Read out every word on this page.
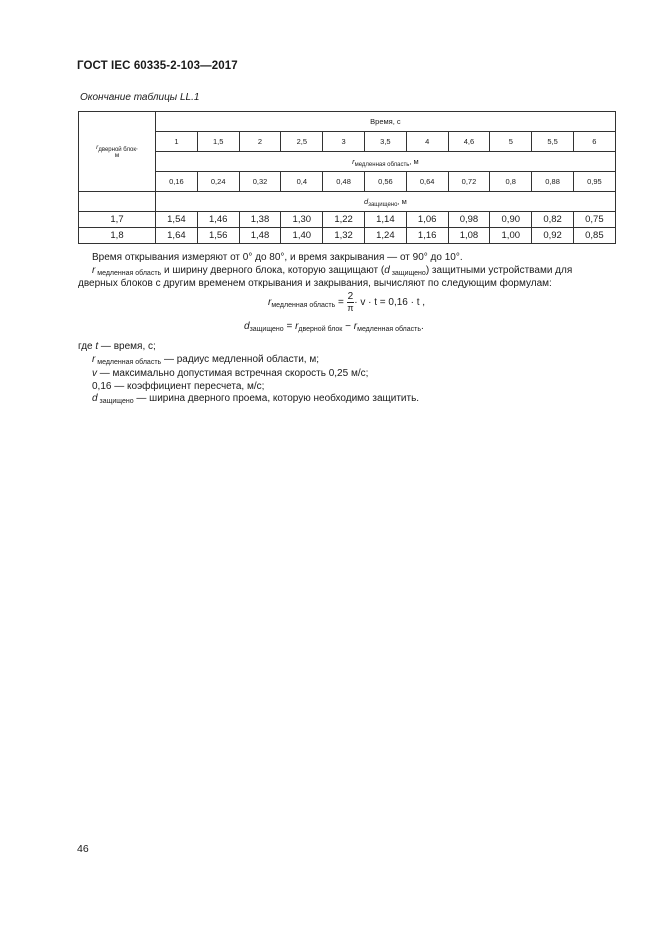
ГОСТ IEC 60335-2-103—2017
Окончание таблицы LL.1
rдверной блок,
м	Время, с										
	1	1,5	2	2,5	3	3,5	4	4,6	5	5,5	6
	$r_{медленная область}$, м										
	0,16	0,24	0,32	0,4	0,48	0,56	0,64	0,72	0,8	0,88	0,95
	$d_{защищено}$, м										
1,7	1,54	1,46	1,38	1,30	1,22	1,14	1,06	0,98	0,90	0,82	0,75
1,8	1,64	1,56	1,48	1,40	1,32	1,24	1,16	1,08	1,00	0,92	0,85
Время открывания измеряют от 0° до 80°, и время закрывания — от 90° до 10°.
r $_{медленная область}$ и ширину дверного блока, которую защищают (d $_{защищено}$) защитными устройствами для
дверных блоков с другим временем открывания и закрывания, вычисляют по следующим формулам:
$r_{медленная область} = \frac{2}{\pi} \cdot v \cdot t = 0,16 \cdot t$ ,
$d_{защищено} = r_{дверной блок} - r_{медленная область}$.
где t — время, с;
r $_{медленная область}$ — радиус медленной области, м;
v — максимально допустимая встречная скорость 0,25 м/с;
0,16 — коэффициент пересчета, м/с;
d $_{защищено}$ — ширина дверного проема, которую необходимо защитить.
46
